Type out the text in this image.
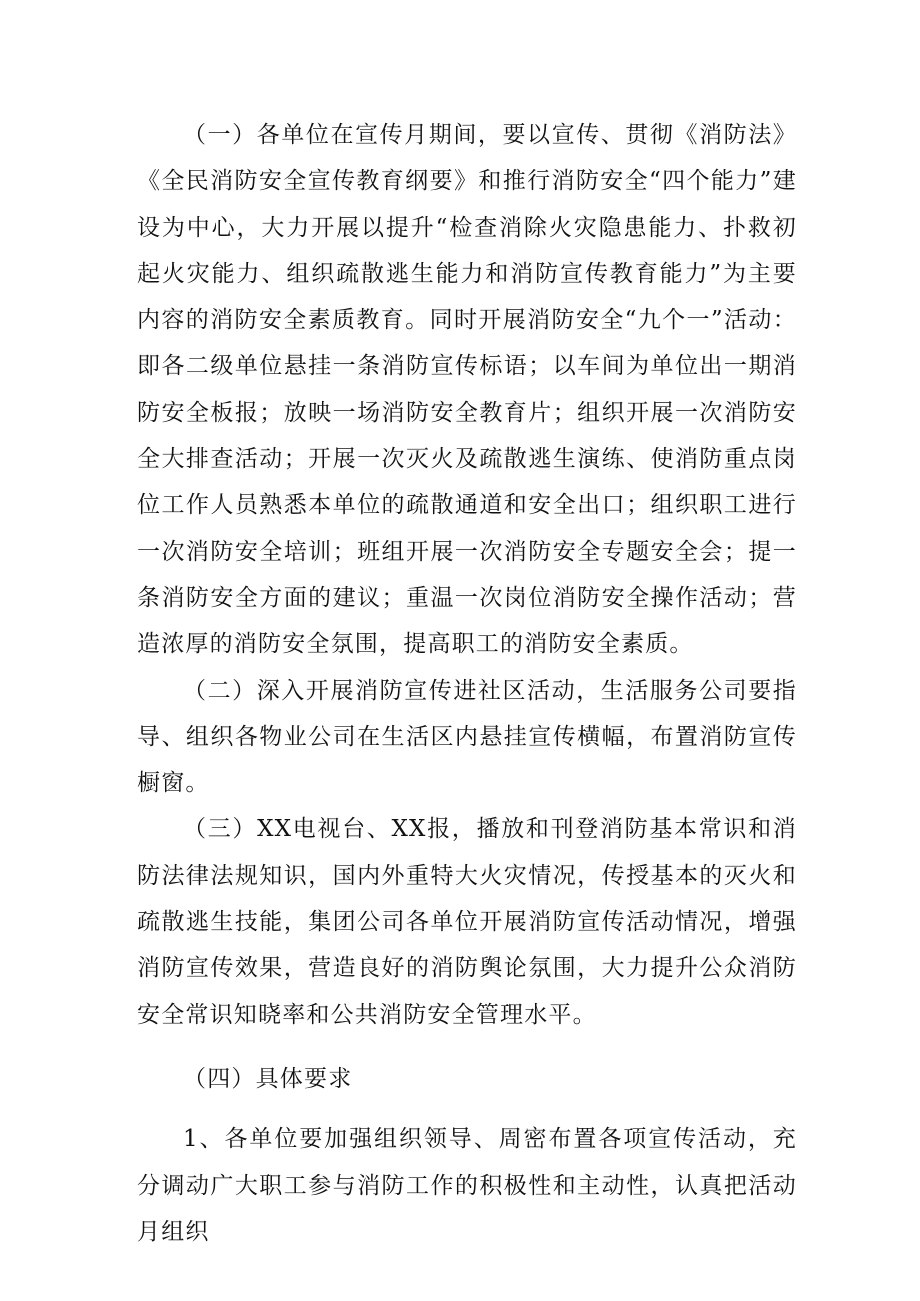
（一）各单位在宣传月期间，要以宣传、贯彻《消防法》《全民消防安全宣传教育纲要》和推行消防安全“四个能力”建设为中心，大力开展以提升“检查消除火灾隐患能力、扑救初起火灾能力、组织疏散逃生能力和消防宣传教育能力”为主要内容的消防安全素质教育。同时开展消防安全“九个一”活动：即各二级单位悬挂一条消防宣传标语；以车间为单位出一期消防安全板报；放映一场消防安全教育片；组织开展一次消防安全大排查活动；开展一次灭火及疏散逃生演练、使消防重点岗位工作人员熟悉本单位的疏散通道和安全出口；组织职工进行一次消防安全培训；班组开展一次消防安全专题安全会；提一条消防安全方面的建议；重温一次岗位消防安全操作活动；营造浓厚的消防安全氛围，提高职工的消防安全素质。

（二）深入开展消防宣传进社区活动，生活服务公司要指导、组织各物业公司在生活区内悬挂宣传横幅，布置消防宣传橱窗。

（三）XX电视台、XX报，播放和刊登消防基本常识和消防法律法规知识，国内外重特大火灾情况，传授基本的灭火和疏散逃生技能，集团公司各单位开展消防宣传活动情况，增强消防宣传效果，营造良好的消防舆论氛围，大力提升公众消防安全常识知晓率和公共消防安全管理水平。

（四）具体要求

1、各单位要加强组织领导、周密布置各项宣传活动，充分调动广大职工参与消防工作的积极性和主动性，认真把活动月组织
